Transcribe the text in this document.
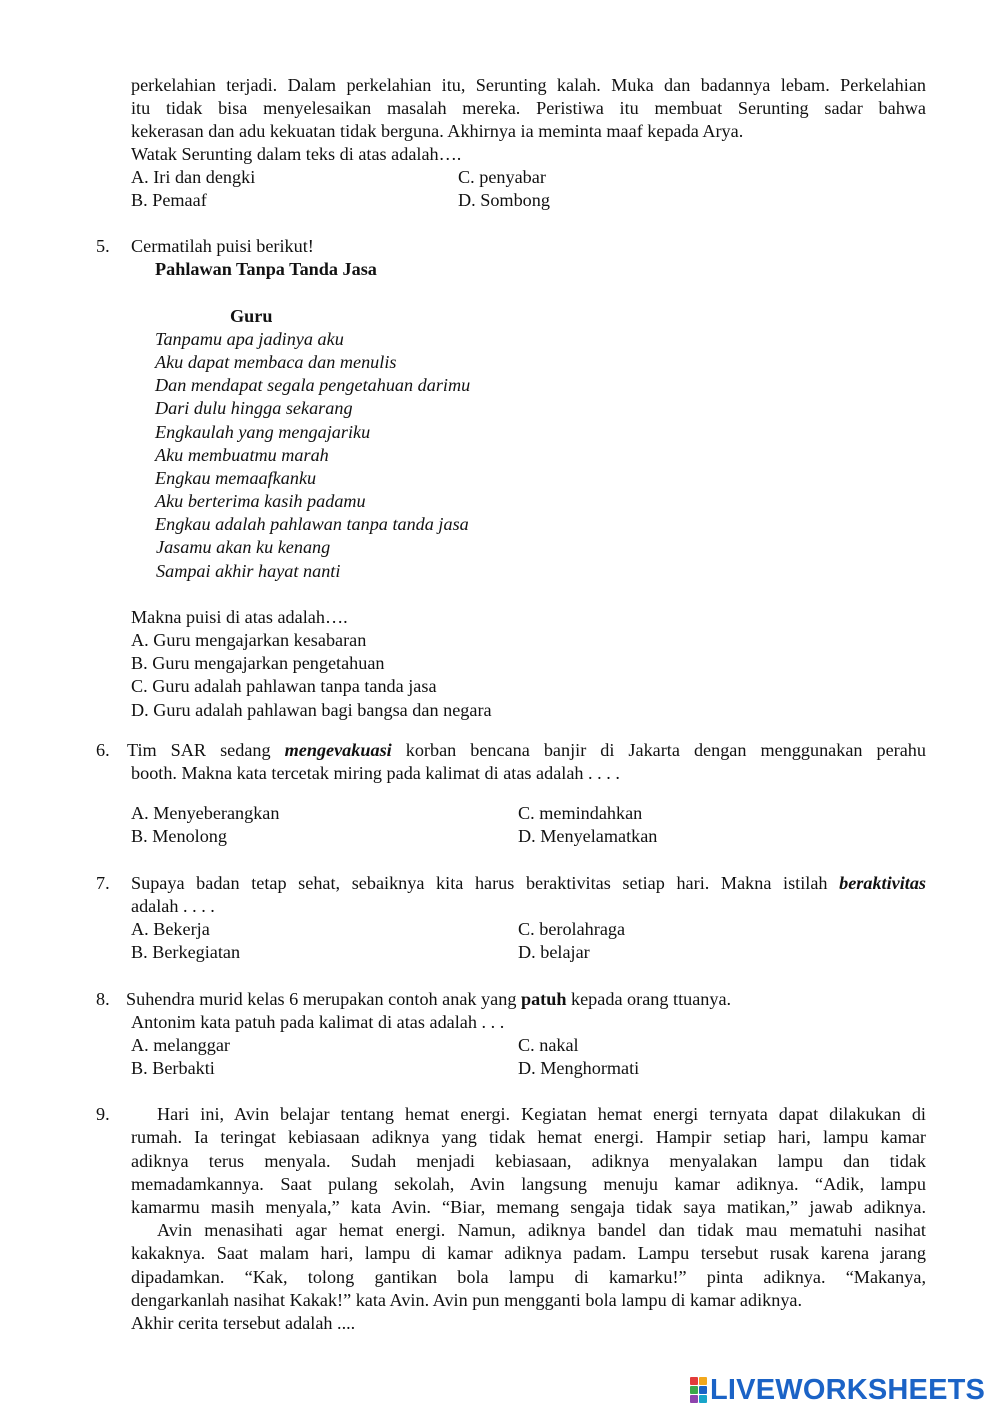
perkelahian terjadi. Dalam perkelahian itu, Serunting kalah. Muka dan badannya lebam. Perkelahian
itu tidak bisa menyelesaikan masalah mereka. Peristiwa itu membuat Serunting sadar bahwa
kekerasan dan adu kekuatan tidak berguna. Akhirnya ia meminta maaf kepada Arya.
Watak Serunting dalam teks di atas adalah….
A. Iri dan dengki
B. Pemaaf
C. penyabar
D. Sombong
5. Cermatilah puisi berikut!
Pahlawan Tanpa Tanda Jasa
Guru
Tanpamu apa jadinya aku
Aku dapat membaca dan menulis
Dan mendapat segala pengetahuan darimu
Dari dulu hingga sekarang
Engkaulah yang mengajariku
Aku membuatmu marah
Engkau memaafkanku
Aku berterima kasih padamu
Engkau adalah pahlawan tanpa tanda jasa
Jasamu akan ku kenang
Sampai akhir hayat nanti
Makna puisi di atas adalah….
A. Guru mengajarkan kesabaran
B. Guru mengajarkan pengetahuan
C. Guru adalah pahlawan tanpa tanda jasa
D. Guru adalah pahlawan bagi bangsa dan negara
6. Tim SAR sedang mengevakuasi korban bencana banjir di Jakarta dengan menggunakan perahu
booth. Makna kata tercetak miring pada kalimat di atas adalah . . . .
A. Menyeberangkan
B. Menolong
C. memindahkan
D. Menyelamatkan
7. Supaya badan tetap sehat, sebaiknya kita harus beraktivitas setiap hari. Makna istilah beraktivitas
adalah . . . .
A. Bekerja
B. Berkegiatan
C. berolahraga
D. belajar
8. Suhendra murid kelas 6 merupakan contoh anak yang patuh kepada orang ttuanya.
Antonim kata patuh pada kalimat di atas adalah . . .
A. melanggar
B. Berbakti
C. nakal
D. Menghormati
9.	Hari ini, Avin belajar tentang hemat energi. Kegiatan hemat energi ternyata dapat dilakukan di
rumah. Ia teringat kebiasaan adiknya yang tidak hemat energi. Hampir setiap hari, lampu kamar
adiknya terus menyala. Sudah menjadi kebiasaan, adiknya menyalakan lampu dan tidak
memadamkannya. Saat pulang sekolah, Avin langsung menuju kamar adiknya. “Adik, lampu
kamarmu masih menyala,” kata Avin. “Biar, memang sengaja tidak saya matikan,” jawab adiknya.
Avin menasihati agar hemat energi. Namun, adiknya bandel dan tidak mau mematuhi nasihat
kakaknya. Saat malam hari, lampu di kamar adiknya padam. Lampu tersebut rusak karena jarang
dipadamkan. “Kak, tolong gantikan bola lampu di kamarku!” pinta adiknya. “Makanya,
dengarkanlah nasihat Kakak!” kata Avin. Avin pun mengganti bola lampu di kamar adiknya.
Akhir cerita tersebut adalah ....
LIVEWORKSHEETS
